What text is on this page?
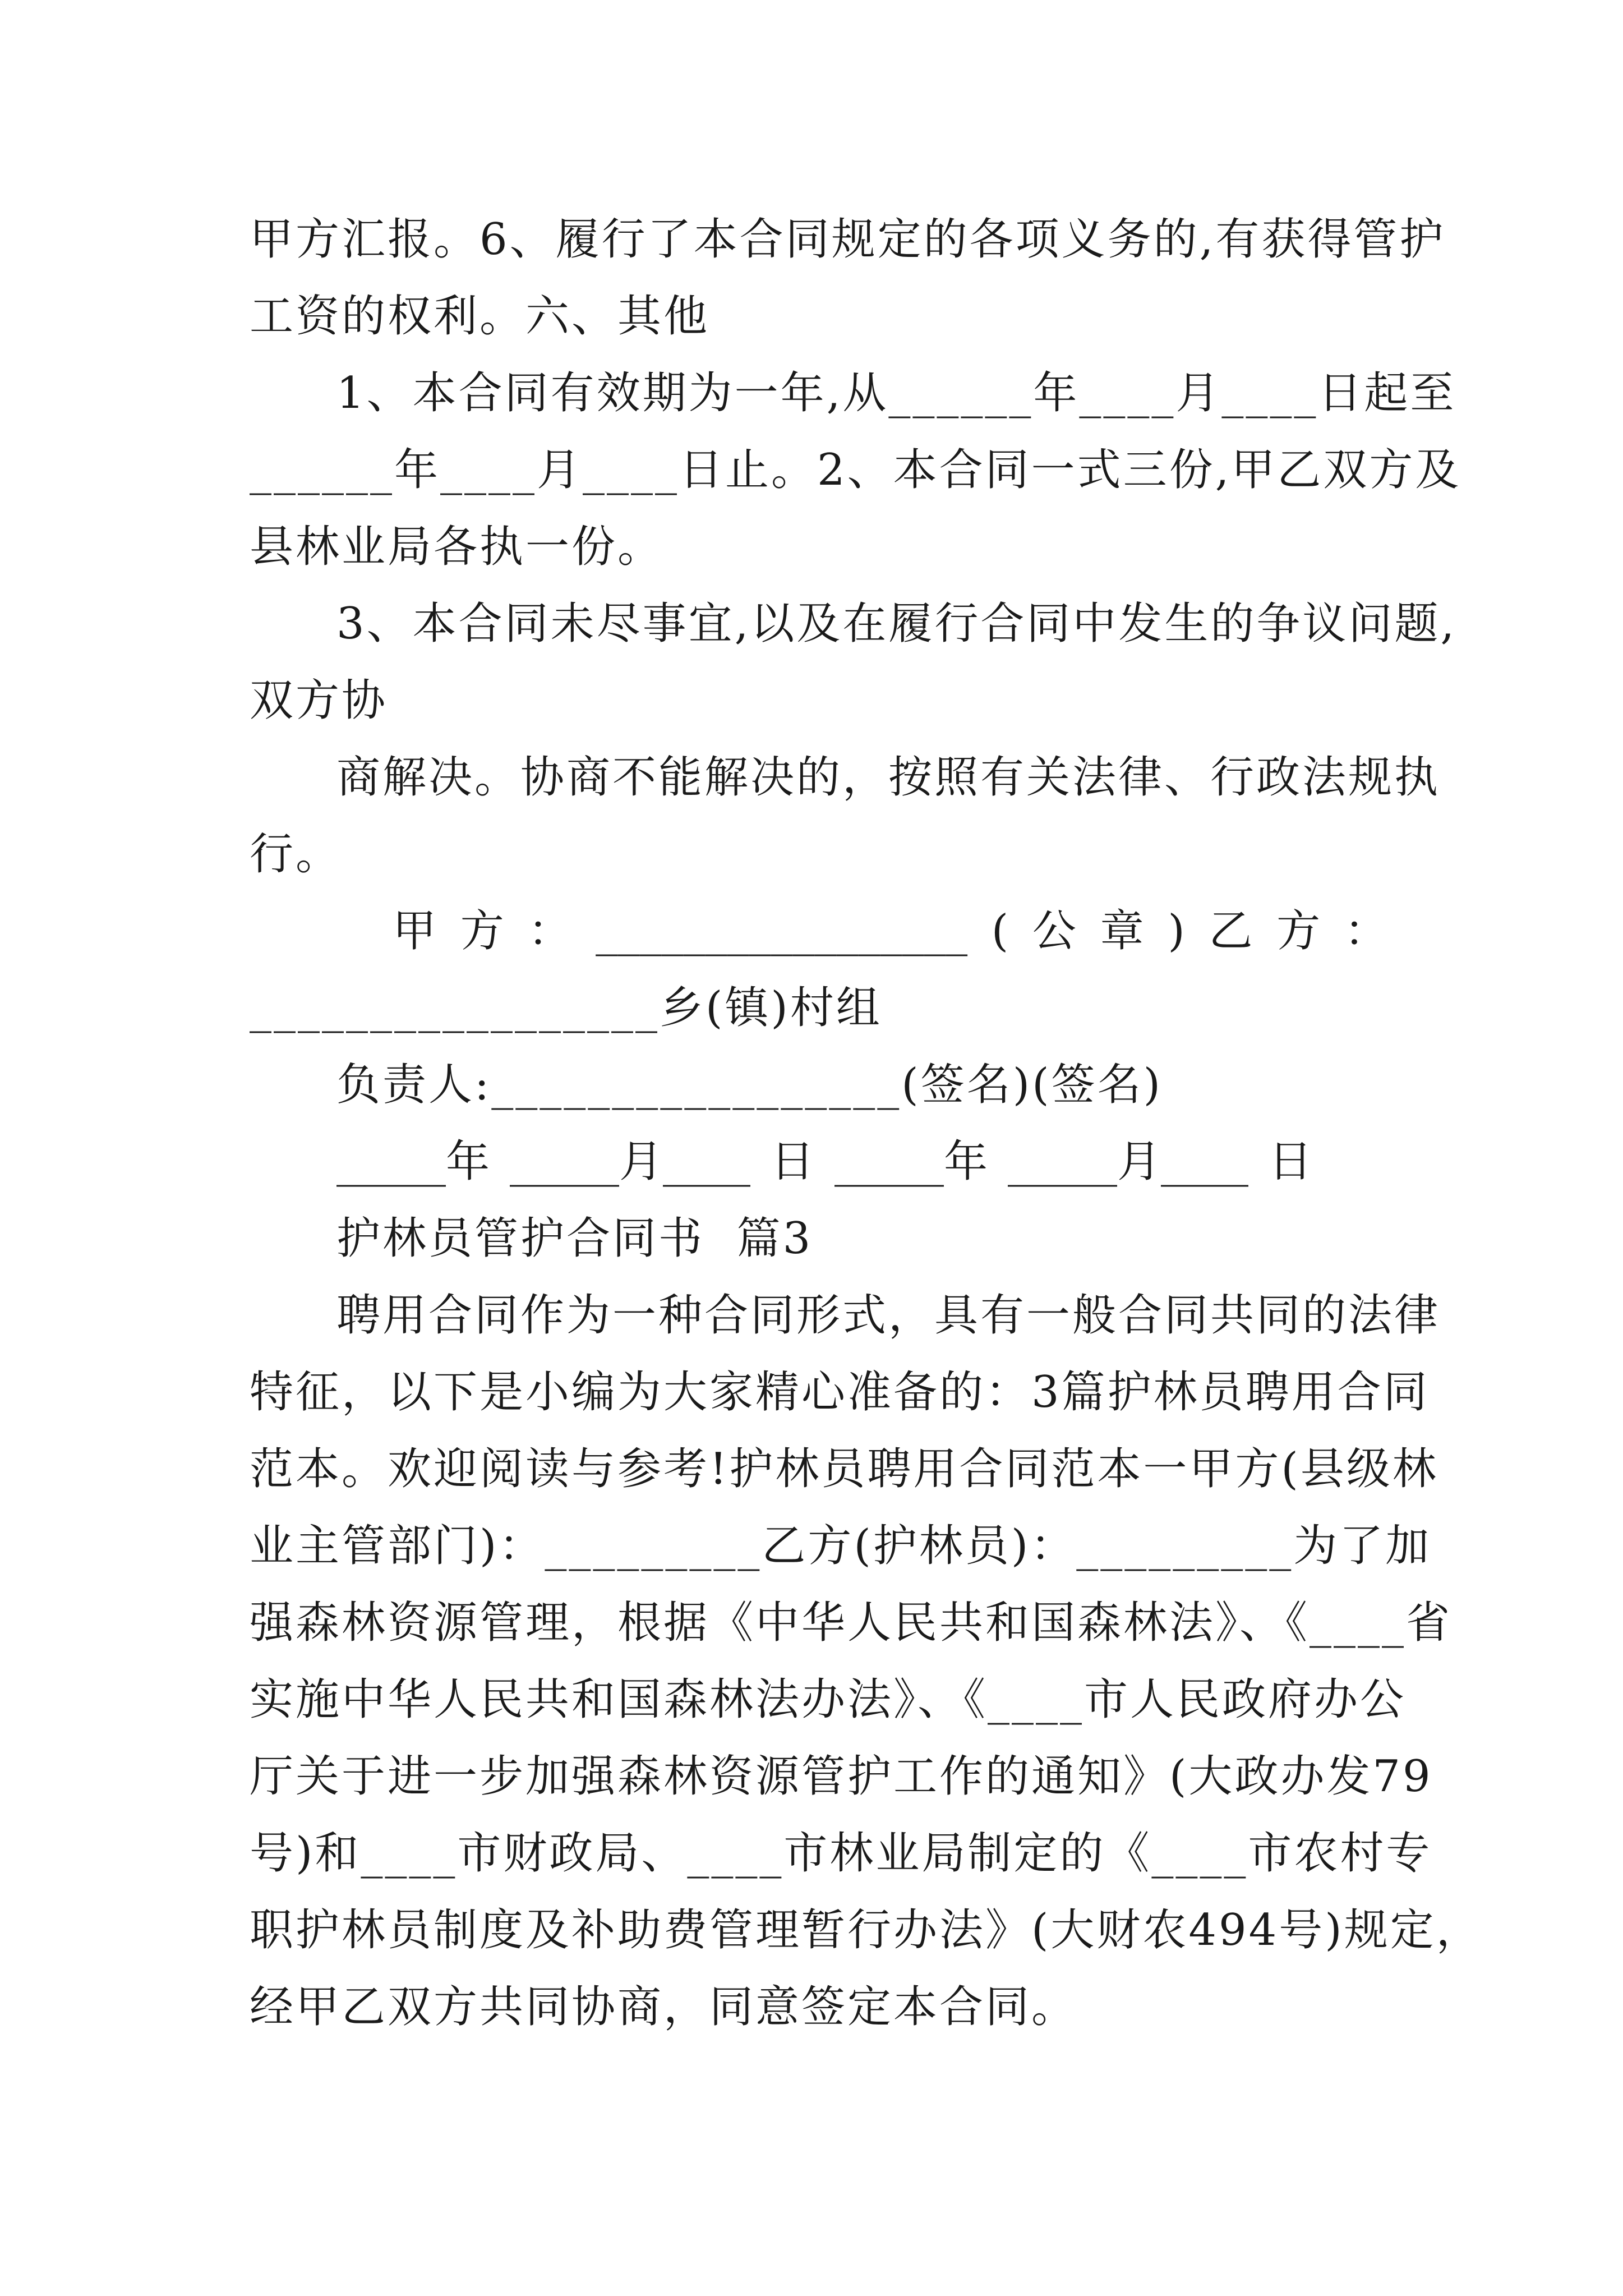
甲方汇报。6、履行了本合同规定的各项义务的,有获得管护
工资的权利。六、其他
1、本合同有效期为一年,从______年____月____日起至
______年____月____日止。2、本合同一式三份,甲乙双方及
县林业局各执一份。
3、本合同未尽事宜,以及在履行合同中发生的争议问题,
双方协
商解决。协商不能解决的，按照有关法律、行政法规执
行。
甲 方 ： _________________ ( 公 章 ) 乙 方 ：
_________________乡(镇)村组
负责人:_________________(签名)(签名)
_____年 _____月____ 日 _____年 _____月____ 日
护林员管护合同书  篇3
聘用合同作为一种合同形式，具有一般合同共同的法律
特征，以下是小编为大家精心准备的：3篇护林员聘用合同
范本。欢迎阅读与参考!护林员聘用合同范本一甲方(县级林
业主管部门)：_________乙方(护林员)：_________为了加
强森林资源管理，根据《中华人民共和国森林法》、《____省
实施中华人民共和国森林法办法》、《____市人民政府办公
厅关于进一步加强森林资源管护工作的通知》(大政办发79
号)和____市财政局、____市林业局制定的《____市农村专
职护林员制度及补助费管理暂行办法》(大财农494号)规定，
经甲乙双方共同协商，同意签定本合同。
